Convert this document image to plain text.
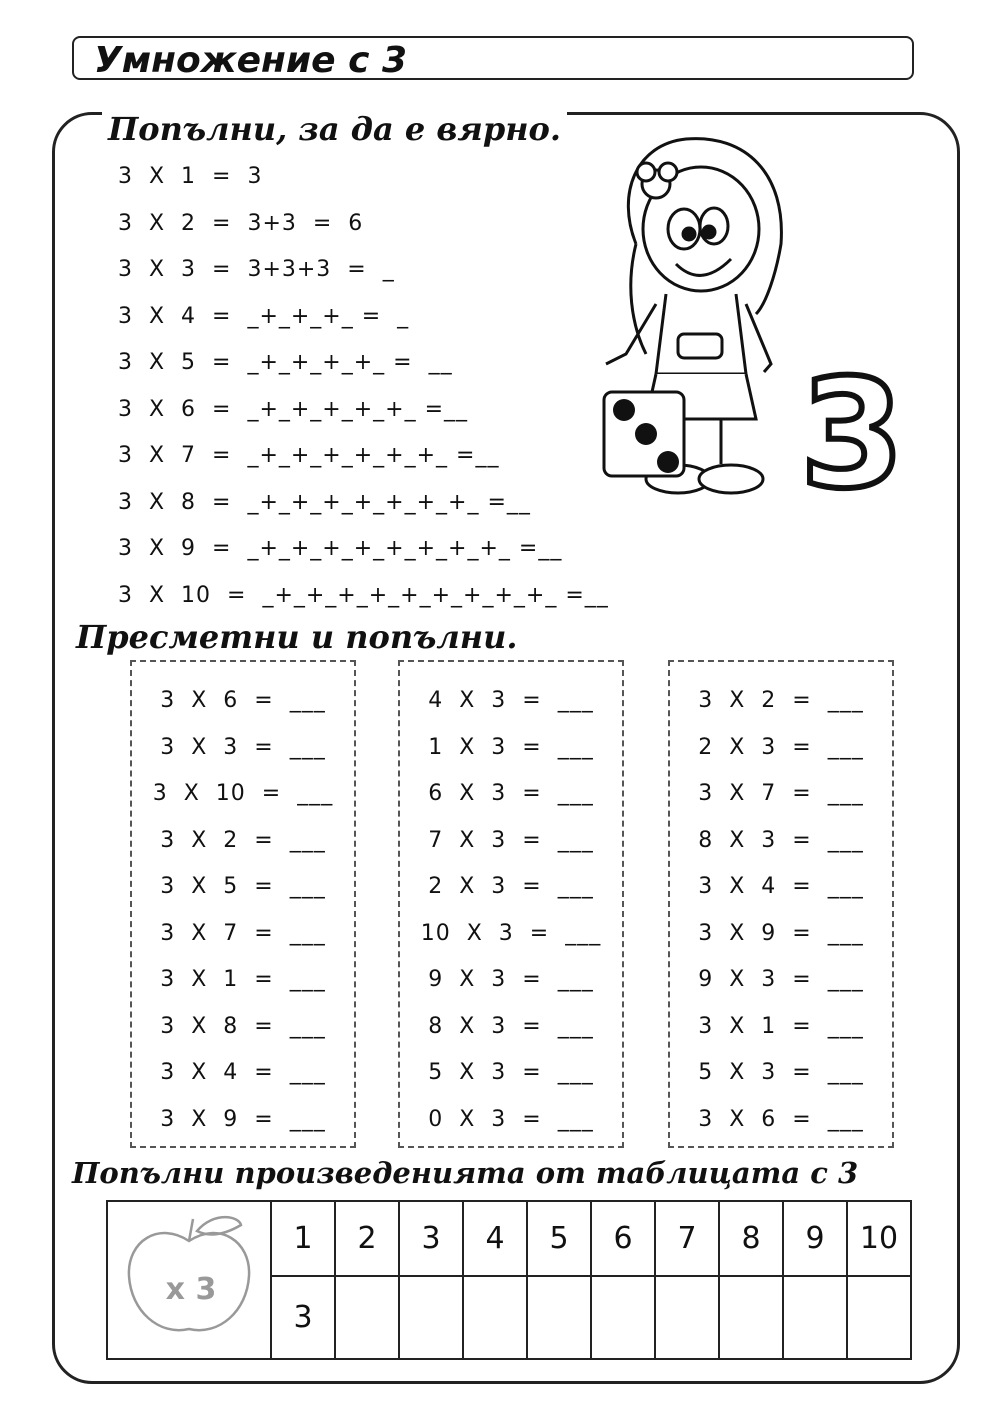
Умножение с 3
Попълни, за да е вярно.
3  X  1  =  3
3  X  2  =  3+3  =  6
3  X  3  =  3+3+3  =  _
3  X  4  =  _+_+_+_ =  _
3  X  5  =  _+_+_+_+_ =  __
3  X  6  =  _+_+_+_+_+_ =__
3  X  7  =  _+_+_+_+_+_+_ =__
3  X  8  =  _+_+_+_+_+_+_+_ =__
3  X  9  =  _+_+_+_+_+_+_+_+_ =__
3  X  10  =  _+_+_+_+_+_+_+_+_+_ =__
3
Пресметни и попълни.
3  X  6  =  ___
3  X  3  =  ___
3  X  10  =  ___
3  X  2  =  ___
3  X  5  =  ___
3  X  7  =  ___
3  X  1  =  ___
3  X  8  =  ___
3  X  4  =  ___
3  X  9  =  ___
4  X  3  =  ___
1  X  3  =  ___
6  X  3  =  ___
7  X  3  =  ___
2  X  3  =  ___
10  X  3  =  ___
9  X  3  =  ___
8  X  3  =  ___
5  X  3  =  ___
0  X  3  =  ___
3  X  2  =  ___
2  X  3  =  ___
3  X  7  =  ___
8  X  3  =  ___
3  X  4  =  ___
3  X  9  =  ___
9  X  3  =  ___
3  X  1  =  ___
5  X  3  =  ___
3  X  6  =  ___
Попълни произведенията от таблицата с 3
x 3	1	2	3	4	5	6	7	8	9	10
	3									
